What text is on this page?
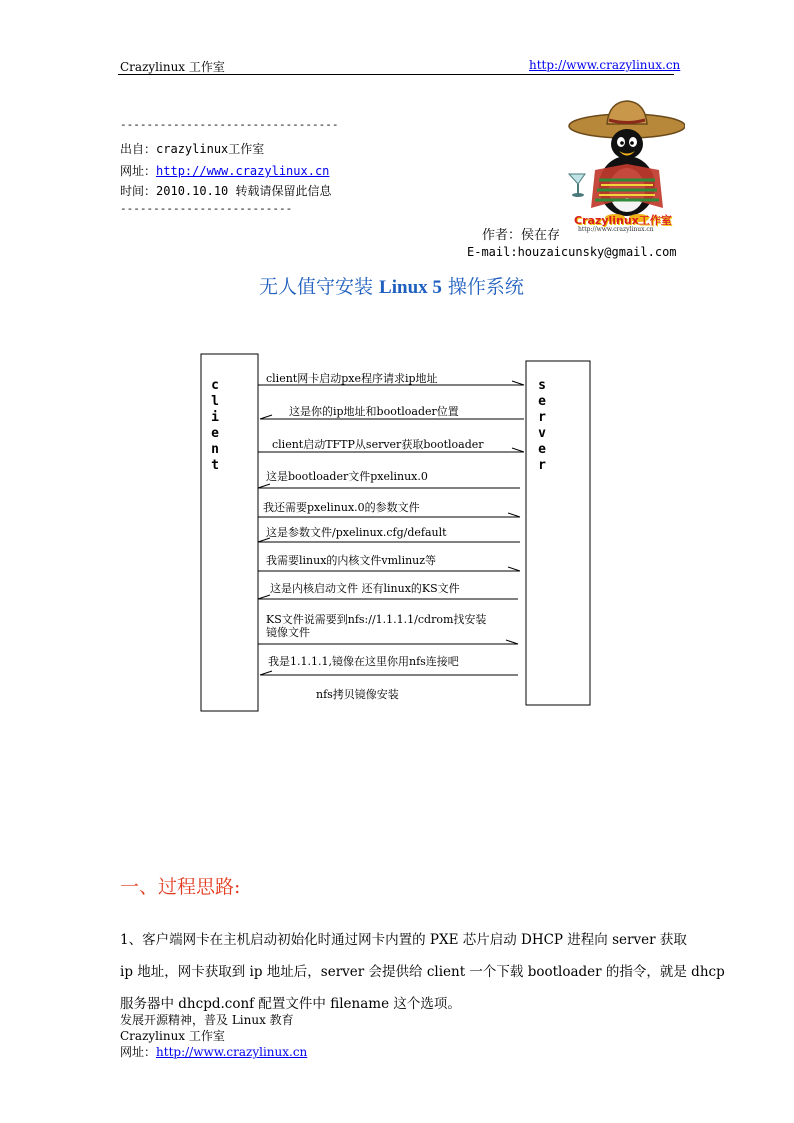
Crazylinux 工作室	http://www.crazylinux.cn
---------------------------------
出自：crazylinux工作室
网址：http://www.crazylinux.cn
时间：2010.10.10 转载请保留此信息
--------------------------
Crazylinux工作室
http://www.crazylinux.cn
作者：侯在存
E-mail:houzaicunsky@gmail.com
无人值守安装 Linux 5 操作系统
c
l
i
e
n
t
s
e
r
v
e
r
client网卡启动pxe程序请求ip地址
这是你的ip地址和bootloader位置
client启动TFTP从server获取bootloader
这是bootloader文件pxelinux.0
我还需要pxelinux.0的参数文件
这是参数文件/pxelinux.cfg/default
我需要linux的内核文件vmlinuz等
这是内核启动文件 还有linux的KS文件
KS文件说需要到nfs://1.1.1.1/cdrom找安装
镜像文件
我是1.1.1.1,镜像在这里你用nfs连接吧
nfs拷贝镜像安装
一、过程思路:
1、客户端网卡在主机启动初始化时通过网卡内置的 PXE 芯片启动 DHCP 进程向 server 获取
ip 地址，网卡获取到 ip 地址后，server 会提供给 client 一个下载 bootloader 的指令，就是 dhcp
服务器中 dhcpd.conf 配置文件中 filename 这个选项。
发展开源精神，普及 Linux 教育
Crazylinux 工作室
网址：http://www.crazylinux.cn
